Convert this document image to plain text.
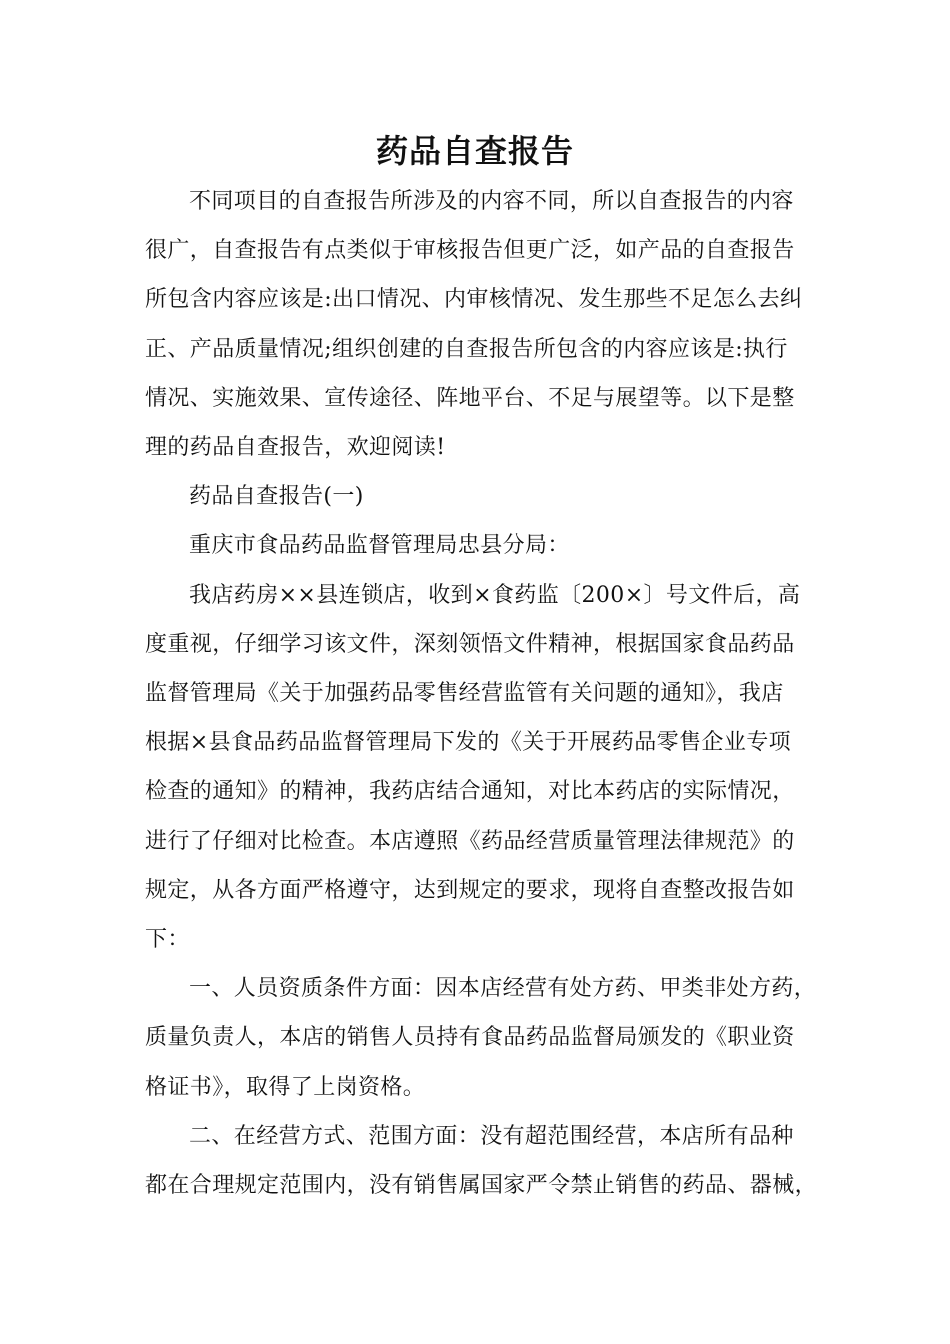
药品自查报告

不同项目的自查报告所涉及的内容不同，所以自查报告的内容
很广，自查报告有点类似于审核报告但更广泛，如产品的自查报告
所包含内容应该是:出口情况、内审核情况、发生那些不足怎么去纠
正、产品质量情况;组织创建的自查报告所包含的内容应该是:执行
情况、实施效果、宣传途径、阵地平台、不足与展望等。以下是整
理的药品自查报告，欢迎阅读!

药品自查报告(一)

重庆市食品药品监督管理局忠县分局：

我店药房××县连锁店，收到×食药监〔200×〕号文件后，高
度重视，仔细学习该文件，深刻领悟文件精神，根据国家食品药品
监督管理局《关于加强药品零售经营监管有关问题的通知》，我店
根据×县食品药品监督管理局下发的《关于开展药品零售企业专项
检查的通知》的精神，我药店结合通知，对比本药店的实际情况，
进行了仔细对比检查。本店遵照《药品经营质量管理法律规范》的
规定，从各方面严格遵守，达到规定的要求，现将自查整改报告如
下：

一、人员资质条件方面：因本店经营有处方药、甲类非处方药，
质量负责人，本店的销售人员持有食品药品监督局颁发的《职业资
格证书》，取得了上岗资格。

二、在经营方式、范围方面：没有超范围经营，本店所有品种
都在合理规定范围内，没有销售属国家严令禁止销售的药品、器械，
